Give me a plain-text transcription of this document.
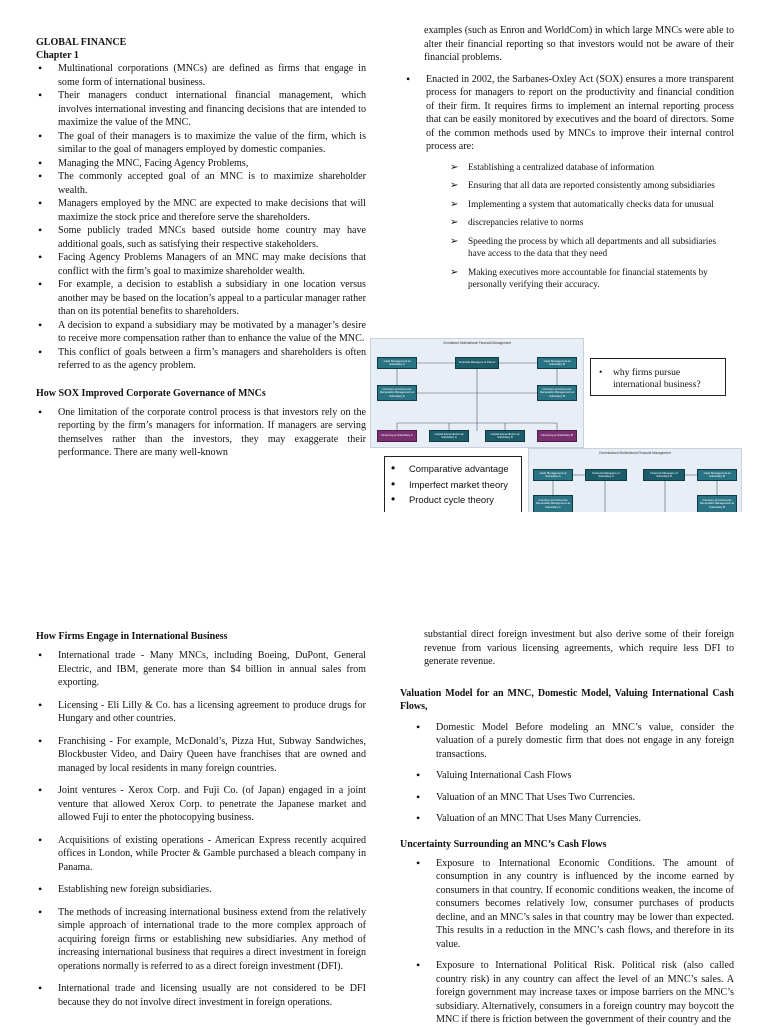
GLOBAL FINANCE

Chapter 1

• Multinational corporations (MNCs) are defined as firms that engage in some form of international business.
• Their managers conduct international financial management, which involves international investing and financing decisions that are intended to maximize the value of the MNC.
• The goal of their managers is to maximize the value of the firm, which is similar to the goal of managers employed by domestic companies.
• Managing the MNC, Facing Agency Problems,
• The commonly accepted goal of an MNC is to maximize shareholder wealth.
• Managers employed by the MNC are expected to make decisions that will maximize the stock price and therefore serve the shareholders.
• Some publicly traded MNCs based outside home country may have additional goals, such as satisfying their respective stakeholders.
• Facing Agency Problems Managers of an MNC may make decisions that conflict with the firm’s goal to maximize shareholder wealth.
• For example, a decision to establish a subsidiary in one location versus another may be based on the location’s appeal to a particular manager rather than on its potential benefits to shareholders.
• A decision to expand a subsidiary may be motivated by a manager’s desire to receive more compensation rather than to enhance the value of the MNC.
• This conflict of goals between a firm’s managers and shareholders is often referred to as the agency problem.

How SOX Improved Corporate Governance of MNCs

• One limitation of the corporate control process is that investors rely on the reporting by the firm’s managers for information. If managers are serving themselves rather than the investors, they may exaggerate their performance. There are many well-known

examples (such as Enron and WorldCom) in which large MNCs were able to alter their financial reporting so that investors would not be aware of their financial problems.

• Enacted in 2002, the Sarbanes-Oxley Act (SOX) ensures a more transparent process for managers to report on the productivity and financial condition of their firm. It requires firms to implement an internal reporting process that can be easily monitored by executives and the board of directors. Some of the common methods used by MNCs to improve their internal control process are:
➢ Establishing a centralized database of information
➢ Ensuring that all data are reported consistently among subsidiaries
➢ Implementing a system that automatically checks data for unusual
➢ discrepancies relative to norms
➢ Speeding the process by which all departments and all subsidiaries have access to the data that they need
➢ Making executives more accountable for financial statements by personally verifying their accuracy.
Centralized Multinational Financial Management
Financial Managers of Parent
Cash Management at Subsidiary A
Cash Management at Subsidiary B
Inventory and Accounts Receivable Management at Subsidiary A
Inventory and Accounts Receivable Management at Subsidiary B
Financing at Subsidiary A	Capital Expenditures at Subsidiary A
Capital Expenditures at Subsidiary B	Financing at Subsidiary B
• why firms pursue international business?
• Comparative advantage
• Imperfect market theory
• Product cycle theory
Decentralized Multinational Financial Management
Cash Management at Subsidiary A
Financial Managers of Subsidiary A
Financial Managers of Subsidiary B
Cash Management at Subsidiary B
Inventory and Accounts Receivable Management at Subsidiary A
Inventory and Accounts Receivable Management at Subsidiary B

How Firms Engage in International Business

• International trade - Many MNCs, including Boeing, DuPont, General Electric, and IBM, generate more than $4 billion in annual sales from exporting.
• Licensing - Eli Lilly & Co. has a licensing agreement to produce drugs for Hungary and other countries.
• Franchising - For example, McDonald’s, Pizza Hut, Subway Sandwiches, Blockbuster Video, and Dairy Queen have franchises that are owned and managed by local residents in many foreign countries.
• Joint ventures - Xerox Corp. and Fuji Co. (of Japan) engaged in a joint venture that allowed Xerox Corp. to penetrate the Japanese market and allowed Fuji to enter the photocopying business.
• Acquisitions of existing operations - American Express recently acquired offices in London, while Procter & Gamble purchased a bleach company in Panama.
• Establishing new foreign subsidiaries.
• The methods of increasing international business extend from the relatively simple approach of international trade to the more complex approach of acquiring foreign firms or establishing new subsidiaries. Any method of increasing international business that requires a direct investment in foreign operations normally is referred to as a direct foreign investment (DFI).
• International trade and licensing usually are not considered to be DFI because they do not involve direct investment in foreign operations.

substantial direct foreign investment but also derive some of their foreign revenue from various licensing agreements, which require less DFI to generate revenue.

Valuation Model for an MNC, Domestic Model, Valuing International Cash Flows,

• Domestic Model Before modeling an MNC’s value, consider the valuation of a purely domestic firm that does not engage in any foreign transactions.
• Valuing International Cash Flows
• Valuation of an MNC That Uses Two Currencies.
• Valuation of an MNC That Uses Many Currencies.

Uncertainty Surrounding an MNC’s Cash Flows

• Exposure to International Economic Conditions. The amount of consumption in any country is influenced by the income earned by consumers in that country. If economic conditions weaken, the income of consumers becomes relatively low, consumer purchases of products decline, and an MNC’s sales in that country may be lower than expected. This results in a reduction in the MNC’s cash flows, and therefore in its value.
• Exposure to International Political Risk. Political risk (also called country risk) in any country can affect the level of an MNC’s sales. A foreign government may increase taxes or impose barriers on the MNC’s subsidiary. Alternatively, consumers in a foreign country may boycott the MNC if there is friction between the government of their country and the
